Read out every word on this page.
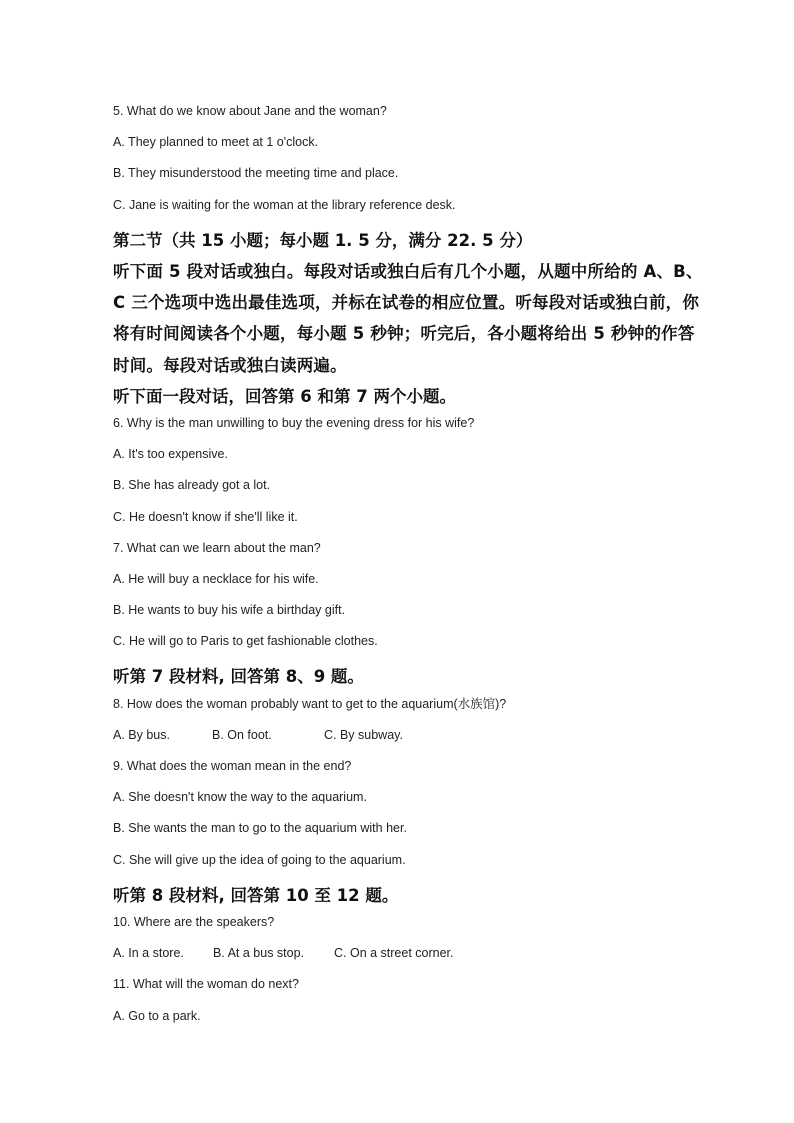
5. What do we know about Jane and the woman?
A. They planned to meet at 1 o'clock.
B. They misunderstood the meeting time and place.
C. Jane is waiting for the woman at the library reference desk.
第二节（共 15 小题；每小题 1. 5 分，满分 22. 5 分）
听下面 5 段对话或独白。每段对话或独白后有几个小题，从题中所给的 A、B、C 三个选项中选出最佳选项，并标在试卷的相应位置。听每段对话或独白前，你将有时间阅读各个小题，每小题 5 秒钟；听完后，各小题将给出 5 秒钟的作答时间。每段对话或独白读两遍。
听下面一段对话，回答第 6 和第 7 两个小题。
6. Why is the man unwilling to buy the evening dress for his wife?
A. It's too expensive.
B. She has already got a lot.
C. He doesn't know if she'll like it.
7. What can we learn about the man?
A. He will buy a necklace for his wife.
B. He wants to buy his wife a birthday gift.
C. He will go to Paris to get fashionable clothes.
听第 7 段材料, 回答第 8、9 题。
8. How does the woman probably want to get to the aquarium(水族馆)?
A. By bus.	B. On foot.	C. By subway.
9. What does the woman mean in the end?
A. She doesn't know the way to the aquarium.
B. She wants the man to go to the aquarium with her.
C. She will give up the idea of going to the aquarium.
听第 8 段材料, 回答第 10 至 12 题。
10. Where are the speakers?
A. In a store.	B. At a bus stop.	C. On a street corner.
11. What will the woman do next?
A. Go to a park.
